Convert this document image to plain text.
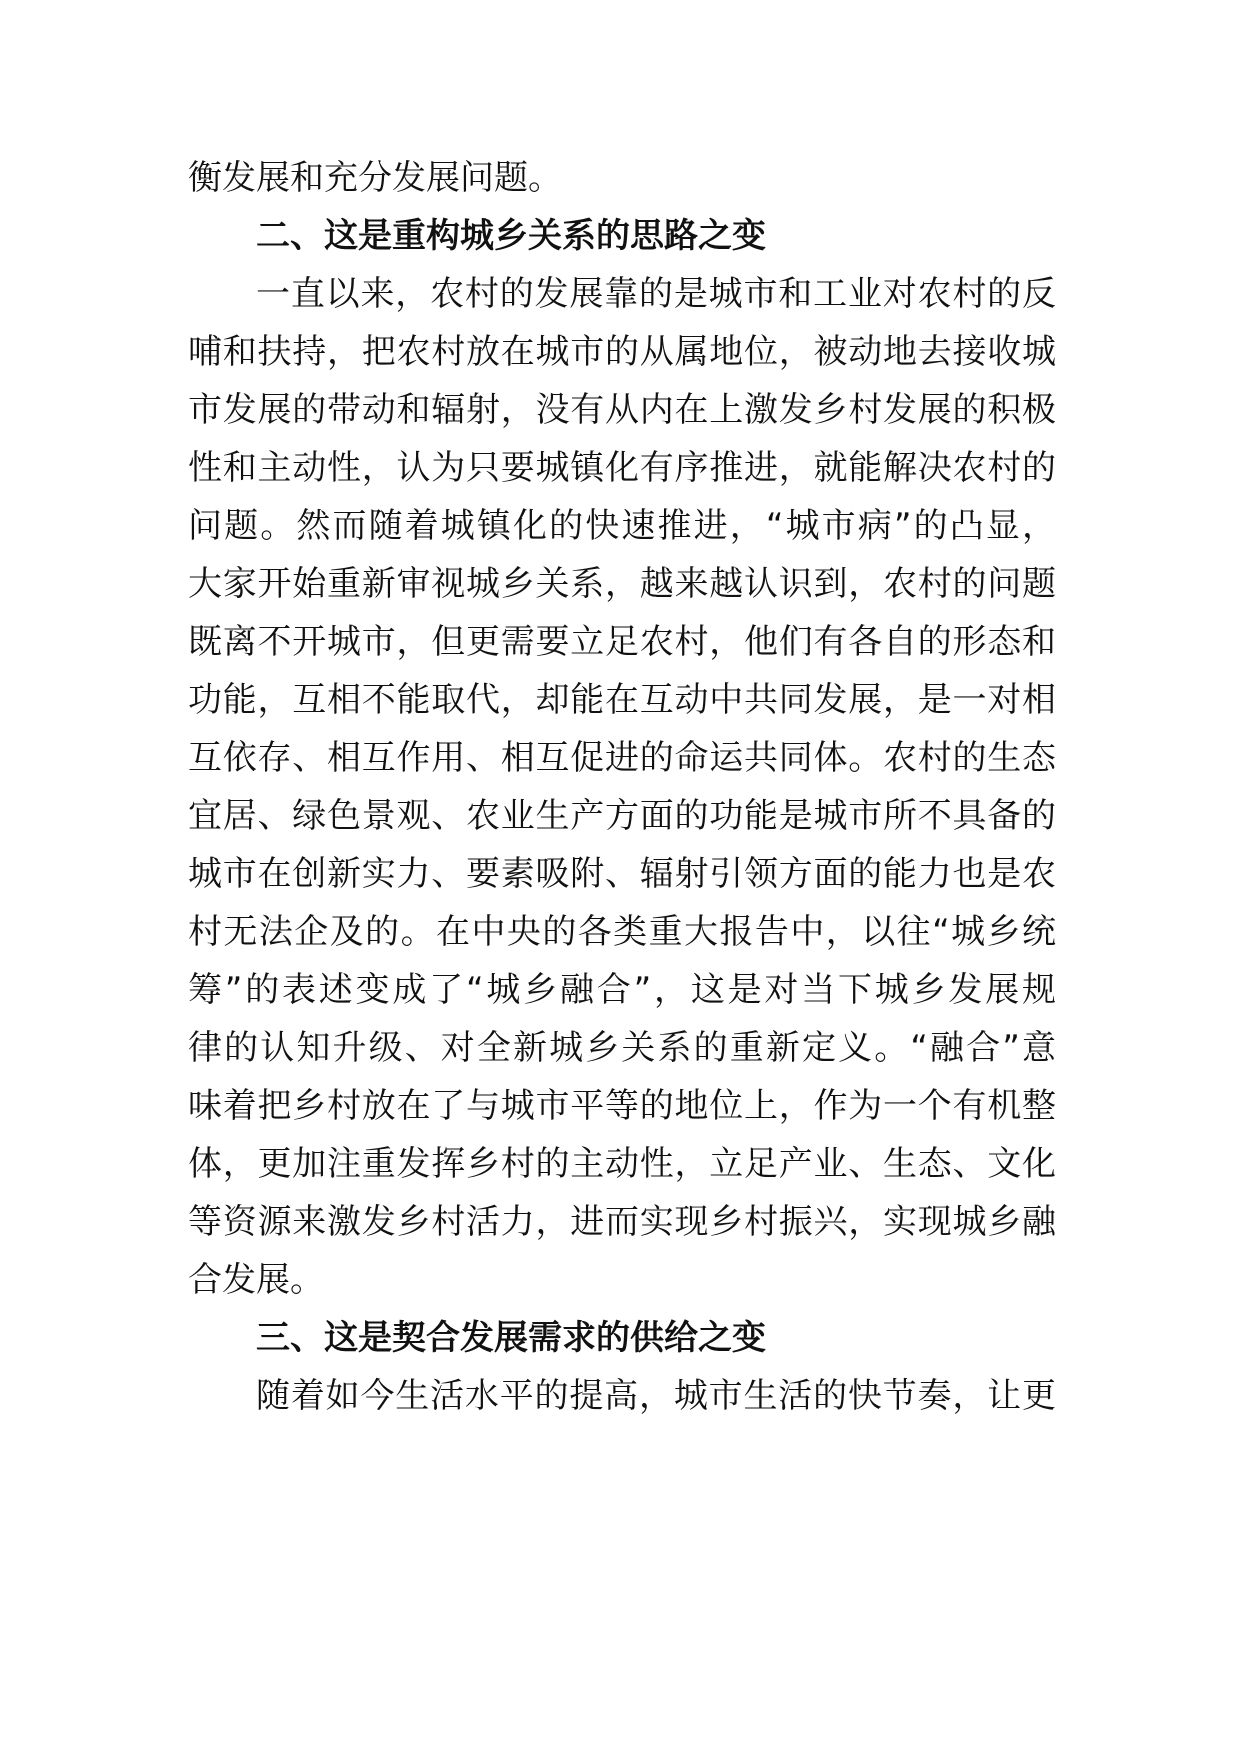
衡发展和充分发展问题。
二、这是重构城乡关系的思路之变
一直以来，农村的发展靠的是城市和工业对农村的反
哺和扶持，把农村放在城市的从属地位，被动地去接收城
市发展的带动和辐射，没有从内在上激发乡村发展的积极
性和主动性，认为只要城镇化有序推进，就能解决农村的
问题。然而随着城镇化的快速推进，“城市病”的凸显，
大家开始重新审视城乡关系，越来越认识到，农村的问题
既离不开城市，但更需要立足农村，他们有各自的形态和
功能，互相不能取代，却能在互动中共同发展，是一对相
互依存、相互作用、相互促进的命运共同体。农村的生态
宜居、绿色景观、农业生产方面的功能是城市所不具备的
城市在创新实力、要素吸附、辐射引领方面的能力也是农
村无法企及的。在中央的各类重大报告中，以往“城乡统
筹”的表述变成了“城乡融合”，这是对当下城乡发展规
律的认知升级、对全新城乡关系的重新定义。“融合”意
味着把乡村放在了与城市平等的地位上，作为一个有机整
体，更加注重发挥乡村的主动性，立足产业、生态、文化
等资源来激发乡村活力，进而实现乡村振兴，实现城乡融
合发展。
三、这是契合发展需求的供给之变
随着如今生活水平的提高，城市生活的快节奏，让更
